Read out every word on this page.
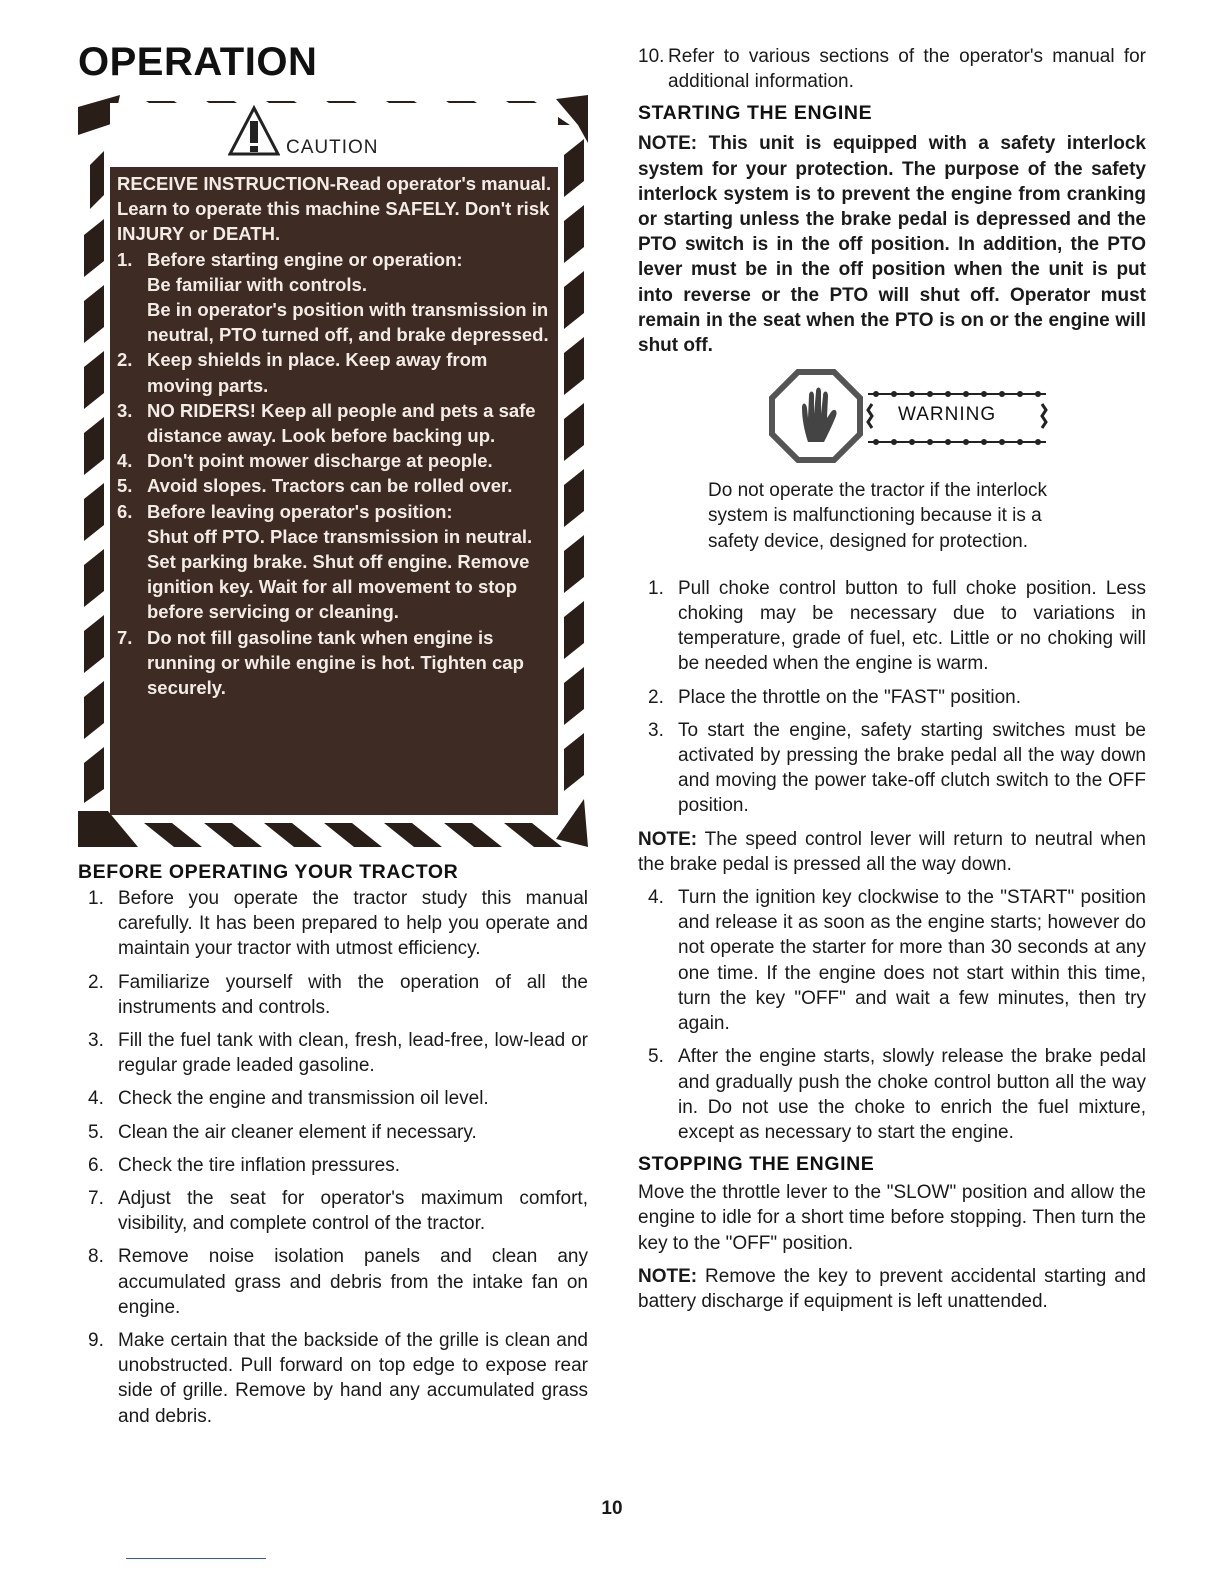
OPERATION
CAUTION

RECEIVE INSTRUCTION-Read operator's manual. Learn to operate this machine SAFELY. Don't risk INJURY or DEATH.

1. Before starting engine or operation:
Be familiar with controls.
Be in operator's position with transmission in neutral, PTO turned off, and brake depressed.
2. Keep shields in place. Keep away from moving parts.
3. NO RIDERS! Keep all people and pets a safe distance away. Look before backing up.
4. Don't point mower discharge at people.
5. Avoid slopes. Tractors can be rolled over.
6. Before leaving operator's position:
Shut off PTO. Place transmission in neutral. Set parking brake. Shut off engine. Remove ignition key. Wait for all movement to stop before servicing or cleaning.
7. Do not fill gasoline tank when engine is running or while engine is hot. Tighten cap securely.
BEFORE OPERATING YOUR TRACTOR
1. Before you operate the tractor study this manual carefully. It has been prepared to help you operate and maintain your tractor with utmost efficiency.
2. Familiarize yourself with the operation of all the instruments and controls.
3. Fill the fuel tank with clean, fresh, lead-free, low-lead or regular grade leaded gasoline.
4. Check the engine and transmission oil level.
5. Clean the air cleaner element if necessary.
6. Check the tire inflation pressures.
7. Adjust the seat for operator's maximum comfort, visibility, and complete control of the tractor.
8. Remove noise isolation panels and clean any accumulated grass and debris from the intake fan on engine.
9. Make certain that the backside of the grille is clean and unobstructed. Pull forward on top edge to expose rear side of grille. Remove by hand any accumulated grass and debris.
10. Refer to various sections of the operator's manual for additional information.
STARTING THE ENGINE

NOTE: This unit is equipped with a safety interlock system for your protection. The purpose of the safety interlock system is to prevent the engine from cranking or starting unless the brake pedal is depressed and the PTO switch is in the off position. In addition, the PTO lever must be in the off position when the unit is put into reverse or the PTO will shut off. Operator must remain in the seat when the PTO is on or the engine will shut off.

WARNING

Do not operate the tractor if the interlock system is malfunctioning because it is a safety device, designed for protection.

1. Pull choke control button to full choke position. Less choking may be necessary due to variations in temperature, grade of fuel, etc. Little or no choking will be needed when the engine is warm.
2. Place the throttle on the "FAST" position.
3. To start the engine, safety starting switches must be activated by pressing the brake pedal all the way down and moving the power take-off clutch switch to the OFF position.

NOTE: The speed control lever will return to neutral when the brake pedal is pressed all the way down.

4. Turn the ignition key clockwise to the "START" position and release it as soon as the engine starts; however do not operate the starter for more than 30 seconds at any one time. If the engine does not start within this time, turn the key "OFF" and wait a few minutes, then try again.
5. After the engine starts, slowly release the brake pedal and gradually push the choke control button all the way in. Do not use the choke to enrich the fuel mixture, except as necessary to start the engine.
STOPPING THE ENGINE

Move the throttle lever to the "SLOW" position and allow the engine to idle for a short time before stopping. Then turn the key to the "OFF" position.

NOTE: Remove the key to prevent accidental starting and battery discharge if equipment is left unattended.

10
